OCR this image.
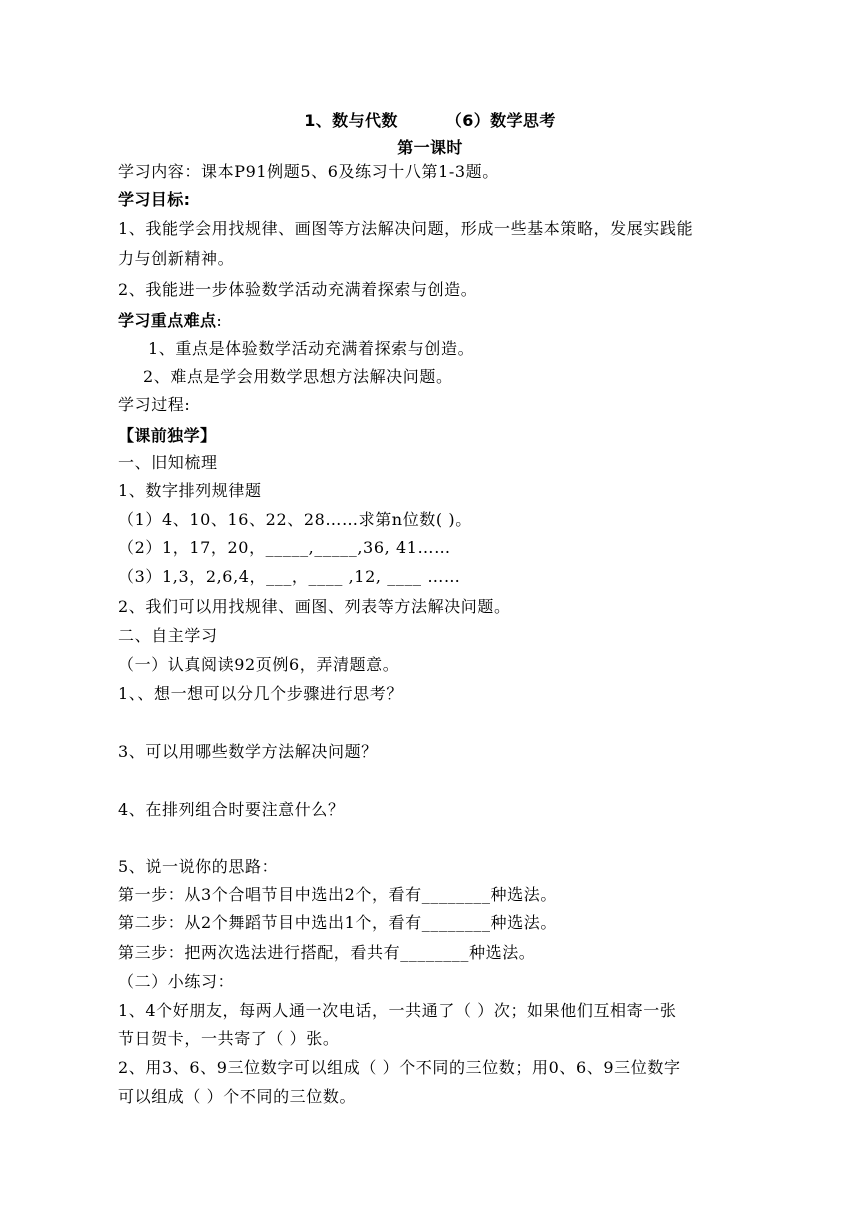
1、数与代数	（6）数学思考
第一课时
学习内容：课本P91例题5、6及练习十八第1-3题。
学习目标:
1、我能学会用找规律、画图等方法解决问题，形成一些基本策略，发展实践能
力与创新精神。
2、我能进一步体验数学活动充满着探索与创造。
学习重点难点:
1、重点是体验数学活动充满着探索与创造。
2、难点是学会用数学思想方法解决问题。
学习过程:
【课前独学】
一、旧知梳理
1、数字排列规律题
（1）4、10、16、22、28……求第n位数( )。
（2）1，17，20，_____,_____,36, 41……
（3）1,3，2,6,4，___，____ ,12, ____ ……
2、我们可以用找规律、画图、列表等方法解决问题。
二、自主学习
（一）认真阅读92页例6，弄清题意。
1、、想一想可以分几个步骤进行思考？
3、可以用哪些数学方法解决问题？
4、在排列组合时要注意什么？
5、说一说你的思路：
第一步：从3个合唱节目中选出2个，看有________种选法。
第二步：从2个舞蹈节目中选出1个，看有________种选法。
第三步：把两次选法进行搭配，看共有________种选法。
（二）小练习：
1、4个好朋友，每两人通一次电话，一共通了（ ）次；如果他们互相寄一张
节日贺卡，一共寄了（ ）张。
2、用3、6、9三位数字可以组成（ ）个不同的三位数；用0、6、9三位数字
可以组成（ ）个不同的三位数。
